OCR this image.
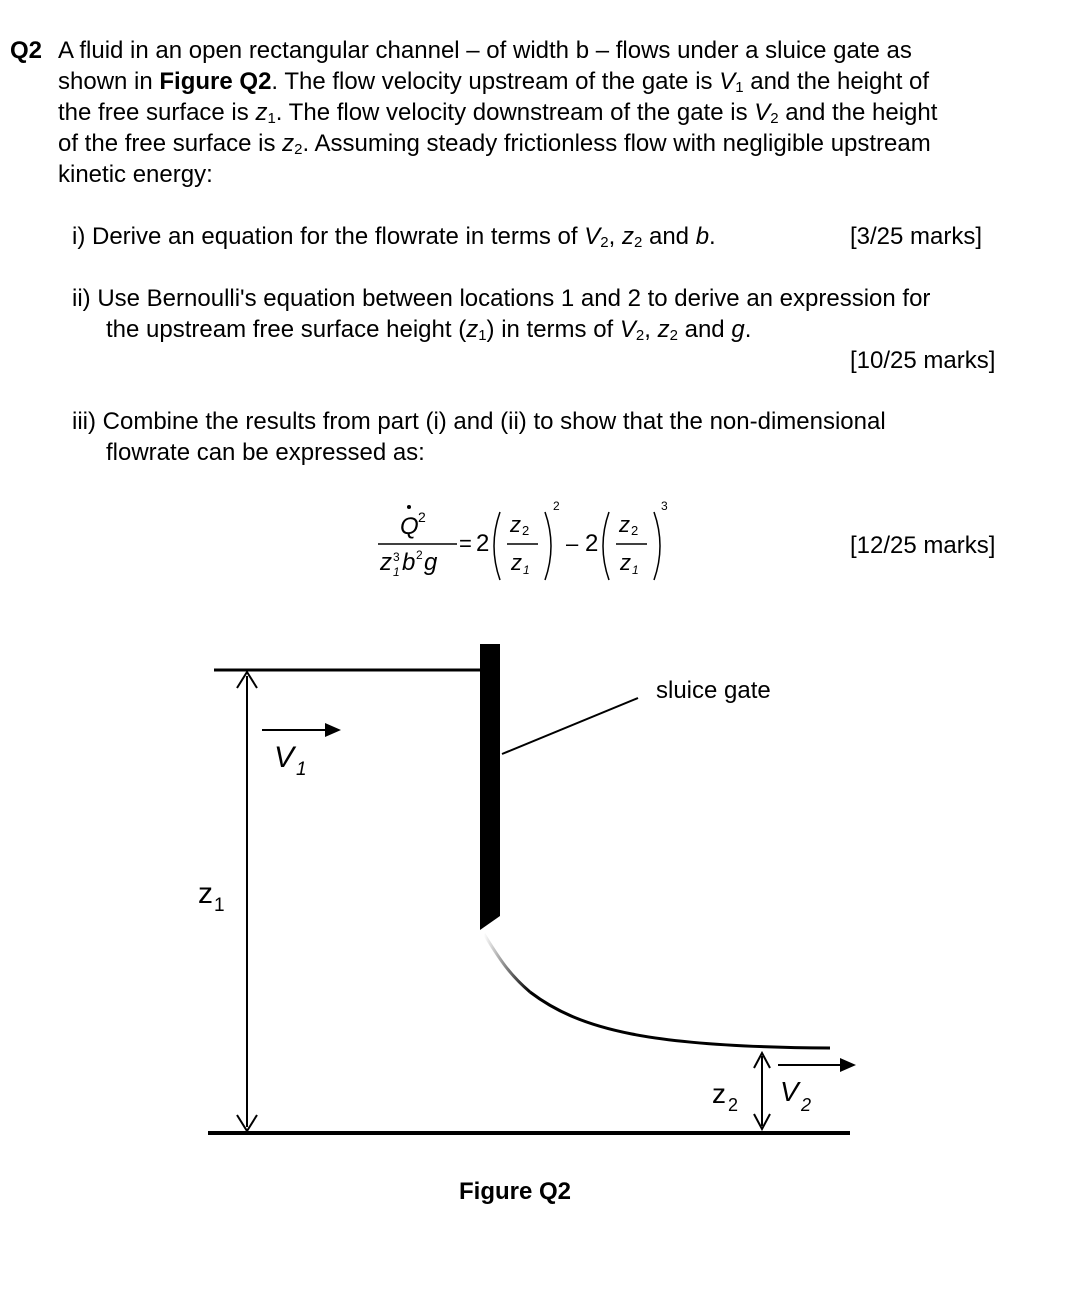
Q2 A fluid in an open rectangular channel – of width b – flows under a sluice gate as
shown in Figure Q2. The flow velocity upstream of the gate is $V_1$ and the height of
the free surface is $z_1$. The flow velocity downstream of the gate is $V_2$ and the height
of the free surface is $z_2$. Assuming steady frictionless flow with negligible upstream
kinetic energy:
i) Derive an equation for the flowrate in terms of $V_2$, $z_2$ and b.	[3/25 marks]
ii) Use Bernoulli's equation between locations 1 and 2 to derive an expression for
the upstream free surface height $(z_1)$ in terms of $V_2$, $z_2$ and g.
[10/25 marks]
iii) Combine the results from part (i) and (ii) to show that the non-dimensional
flowrate can be expressed as:
[12/25 marks]
Q 2
z 3
1 b 2 g
= 2
z 2
z 1
2
– 2
z 2
z 1
3
sluice gate
z 1
V 1
z 2 V 2
Figure Q2
